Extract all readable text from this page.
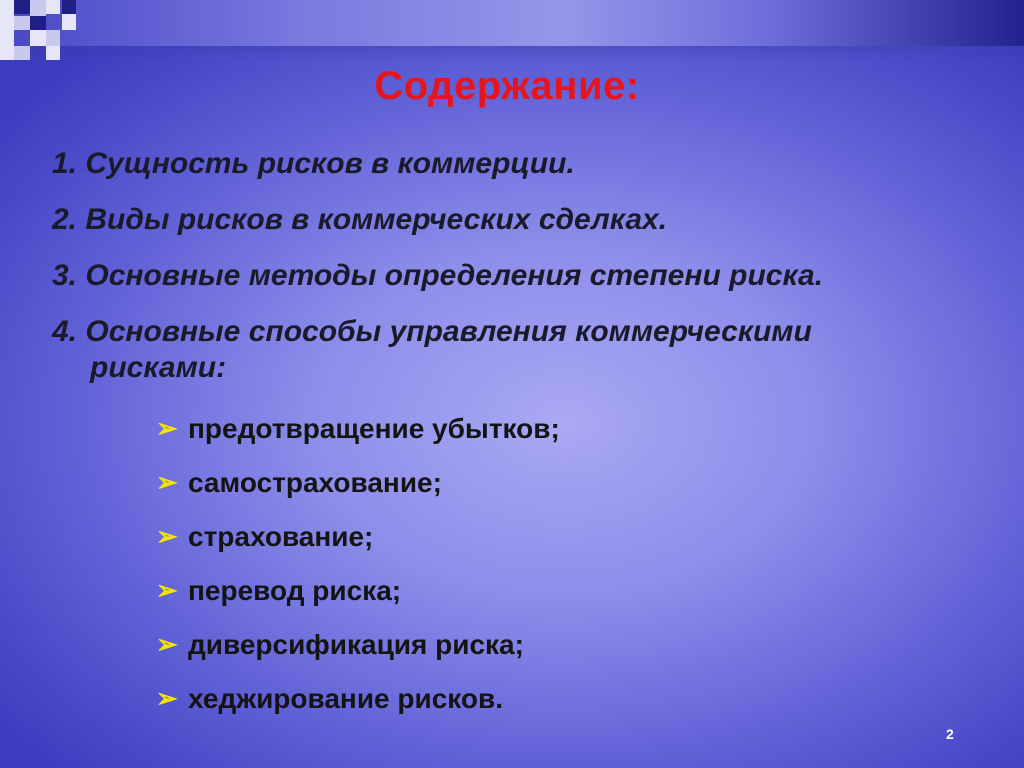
Содержание:
1. Сущность рисков в коммерции.
2. Виды рисков в коммерческих сделках.
3. Основные методы определения степени риска.
4. Основные способы управления коммерческими
рисками:
➢ предотвращение убытков;
➢ самострахование;
➢ страхование;
➢ перевод риска;
➢ диверсификация риска;
➢ хеджирование рисков.
2
